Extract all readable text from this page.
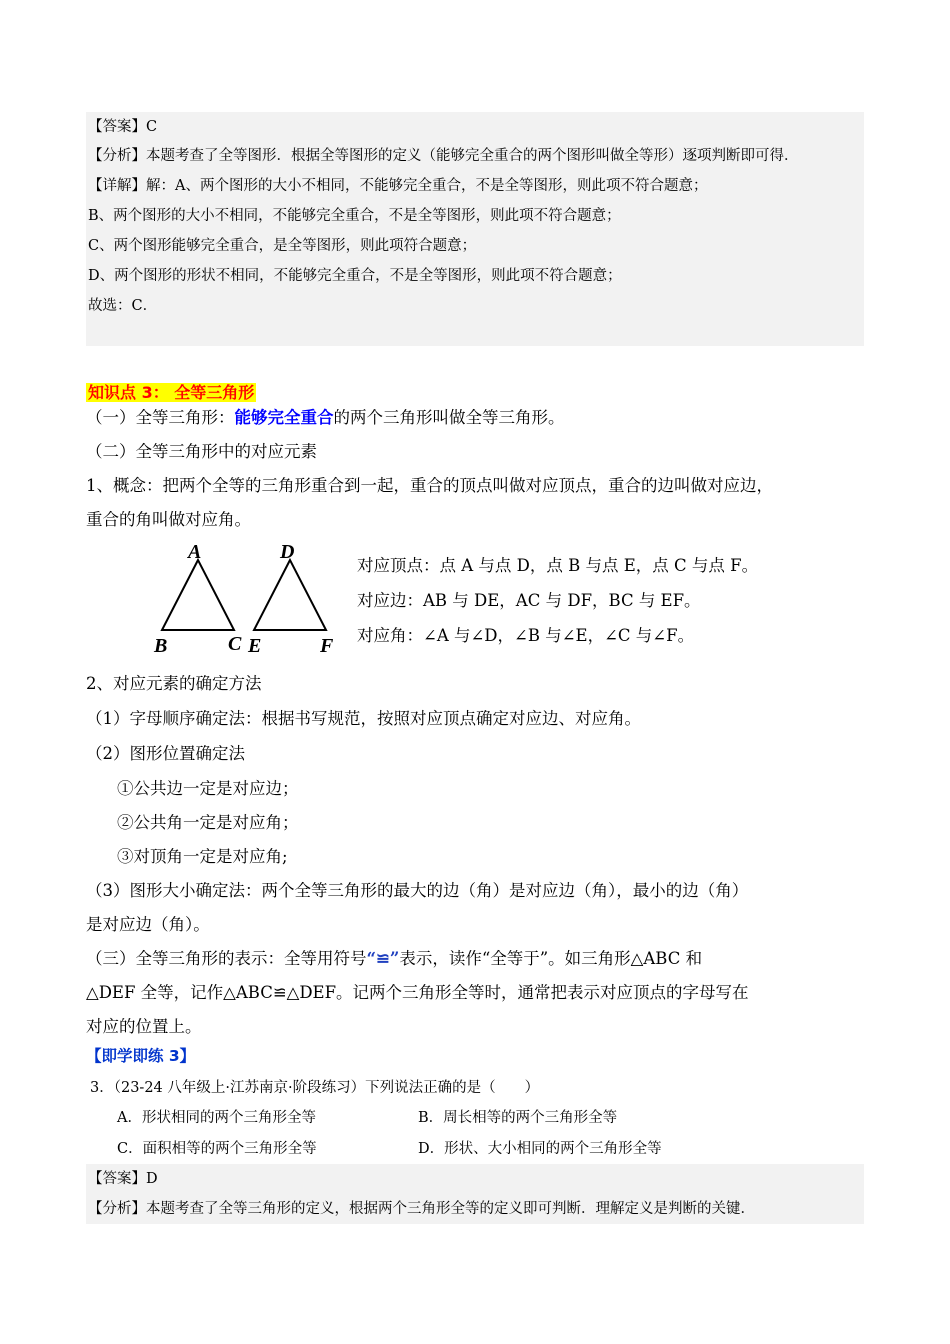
【答案】C
【分析】本题考查了全等图形．根据全等图形的定义（能够完全重合的两个图形叫做全等形）逐项判断即可得．
【详解】解：A、两个图形的大小不相同，不能够完全重合，不是全等图形，则此项不符合题意；
B、两个图形的大小不相同，不能够完全重合，不是全等图形，则此项不符合题意；
C、两个图形能够完全重合，是全等图形，则此项符合题意；
D、两个图形的形状不相同，不能够完全重合，不是全等图形，则此项不符合题意；
故选：C．
知识点 3： 全等三角形
（一）全等三角形：能够完全重合的两个三角形叫做全等三角形。
（二）全等三角形中的对应元素
1、概念：把两个全等的三角形重合到一起，重合的顶点叫做对应顶点，重合的边叫做对应边，
重合的角叫做对应角。
A
B	C
D
E	F
对应顶点：点 A 与点 D，点 B 与点 E，点 C 与点 F。
对应边：AB 与 DE，AC 与 DF，BC 与 EF。
对应角：∠A 与∠D，∠B 与∠E，∠C 与∠F。
2、对应元素的确定方法
（1）字母顺序确定法：根据书写规范，按照对应顶点确定对应边、对应角。
（2）图形位置确定法
①公共边一定是对应边；
②公共角一定是对应角；
③对顶角一定是对应角;
（3）图形大小确定法：两个全等三角形的最大的边（角）是对应边（角），最小的边（角）
是对应边（角）。
（三）全等三角形的表示：全等用符号“≌”表示，读作“全等于”。如三角形△ABC 和
△DEF 全等，记作△ABC≌△DEF。记两个三角形全等时，通常把表示对应顶点的字母写在
对应的位置上。
【即学即练 3】
3．（23-24 八年级上·江苏南京·阶段练习）下列说法正确的是（　　）
A．形状相同的两个三角形全等	B．周长相等的两个三角形全等
C．面积相等的两个三角形全等	D．形状、大小相同的两个三角形全等
【答案】D
【分析】本题考查了全等三角形的定义，根据两个三角形全等的定义即可判断．理解定义是判断的关键．
